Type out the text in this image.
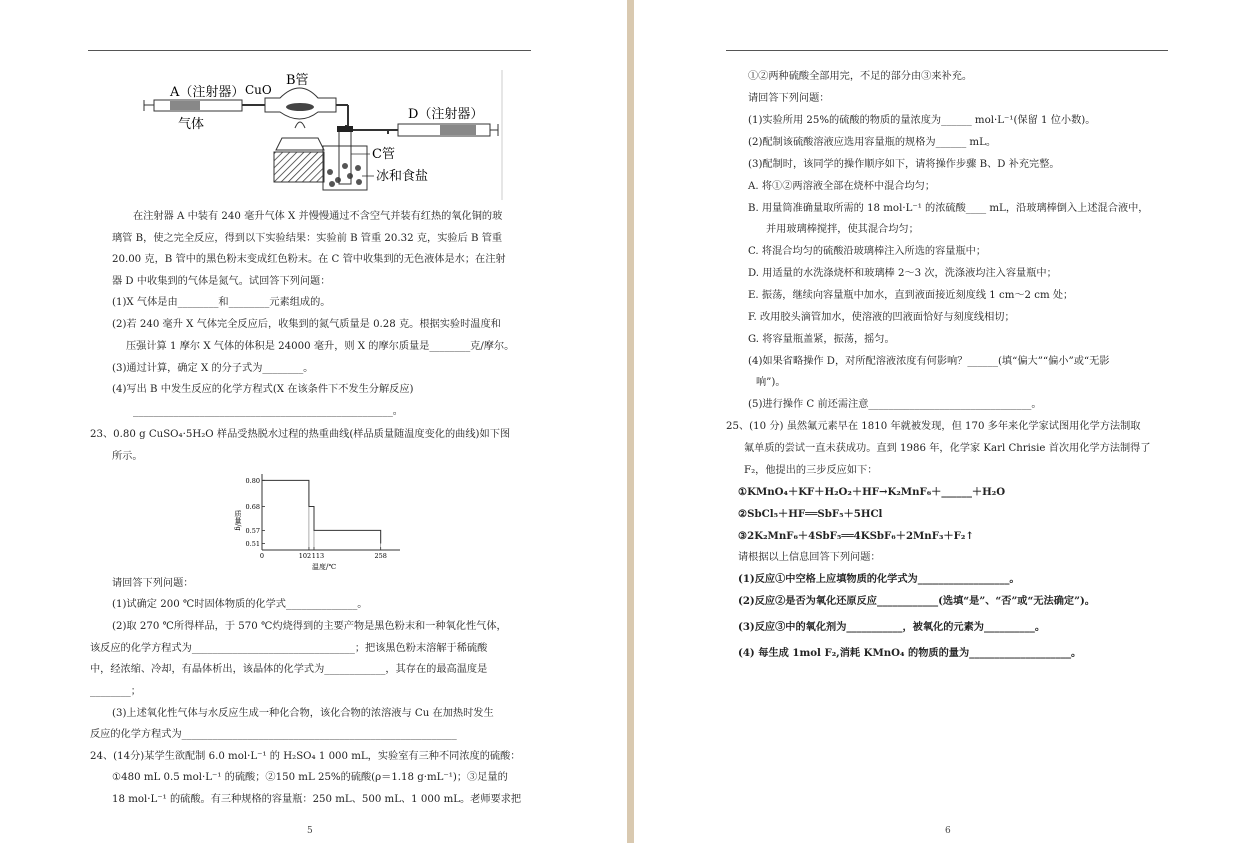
A（注射器） CuO
B管
气体
D（注射器）
C管
冰和食盐
在注射器 A 中装有 240 毫升气体 X 并慢慢通过不含空气并装有红热的氧化铜的玻
璃管 B，使之完全反应，得到以下实验结果：实验前 B 管重 20.32 克，实验后 B 管重
20.00 克，B 管中的黑色粉末变成红色粉末。在 C 管中收集到的无色液体是水；在注射
器 D 中收集到的气体是氮气。试回答下列问题：
(1)X 气体是由________和________元素组成的。
(2)若 240 毫升 X 气体完全反应后，收集到的氮气质量是 0.28 克。根据实验时温度和
压强计算 1 摩尔 X 气体的体积是 24000 毫升，则 X 的摩尔质量是________克/摩尔。
(3)通过计算，确定 X 的分子式为________。
(4)写出 B 中发生反应的化学方程式(X 在该条件下不发生分解反应)
___________________________________________________。
23、0.80 g CuSO₄·5H₂O 样品受热脱水过程的热重曲线(样品质量随温度变化的曲线)如下图
所示。
0.80
0.68
0.57
0.51
0	102 113	258
质量/g
温度/℃
请回答下列问题：
(1)试确定 200 ℃时固体物质的化学式______________。
(2)取 270 ℃所得样品，于 570 ℃灼烧得到的主要产物是黑色粉末和一种氧化性气体，
该反应的化学方程式为________________________________；把该黑色粉末溶解于稀硫酸
中，经浓缩、冷却，有晶体析出，该晶体的化学式为____________，其存在的最高温度是
________；
(3)上述氧化性气体与水反应生成一种化合物，该化合物的浓溶液与 Cu 在加热时发生
反应的化学方程式为______________________________________________________
24、(14分)某学生欲配制 6.0 mol·L⁻¹ 的 H₂SO₄ 1 000 mL，实验室有三种不同浓度的硫酸：
①480 mL 0.5 mol·L⁻¹ 的硫酸；②150 mL 25%的硫酸(ρ＝1.18 g·mL⁻¹)；③足量的
18 mol·L⁻¹ 的硫酸。有三种规格的容量瓶：250 mL、500 mL、1 000 mL。老师要求把
5
①②两种硫酸全部用完，不足的部分由③来补充。
请回答下列问题：
(1)实验所用 25%的硫酸的物质的量浓度为______ mol·L⁻¹(保留 1 位小数)。
(2)配制该硫酸溶液应选用容量瓶的规格为______ mL。
(3)配制时，该同学的操作顺序如下，请将操作步骤 B、D 补充完整。
A. 将①②两溶液全部在烧杯中混合均匀；
B. 用量筒准确量取所需的 18 mol·L⁻¹ 的浓硫酸____ mL，沿玻璃棒倒入上述混合液中，
并用玻璃棒搅拌，使其混合均匀；
C. 将混合均匀的硫酸沿玻璃棒注入所选的容量瓶中；
D. 用适量的水洗涤烧杯和玻璃棒 2～3 次，洗涤液均注入容量瓶中；
E. 振荡，继续向容量瓶中加水，直到液面接近刻度线 1 cm～2 cm 处；
F. 改用胶头滴管加水，使溶液的凹液面恰好与刻度线相切；
G. 将容量瓶盖紧，振荡，摇匀。
(4)如果省略操作 D，对所配溶液浓度有何影响？______(填“偏大”“偏小”或“无影
响”)。
(5)进行操作 C 前还需注意________________________________。
25、(10 分) 虽然氟元素早在 1810 年就被发现，但 170 多年来化学家试图用化学方法制取
氟单质的尝试一直未获成功。直到 1986 年，化学家 Karl Chrisie 首次用化学方法制得了
F₂，他提出的三步反应如下：
①KMnO₄＋KF＋H₂O₂＋HF→K₂MnF₆＋______＋H₂O
②SbCl₅＋HF══SbF₅＋5HCl
③2K₂MnF₆＋4SbF₅══4KSbF₆＋2MnF₃＋F₂↑
请根据以上信息回答下列问题：
(1)反应①中空格上应填物质的化学式为__________________。
(2)反应②是否为氧化还原反应____________(选填“是”、“否”或“无法确定”)。
(3)反应③中的氧化剂为___________，被氧化的元素为__________。
(4) 每生成 1mol F₂,消耗 KMnO₄ 的物质的量为____________________。
6
